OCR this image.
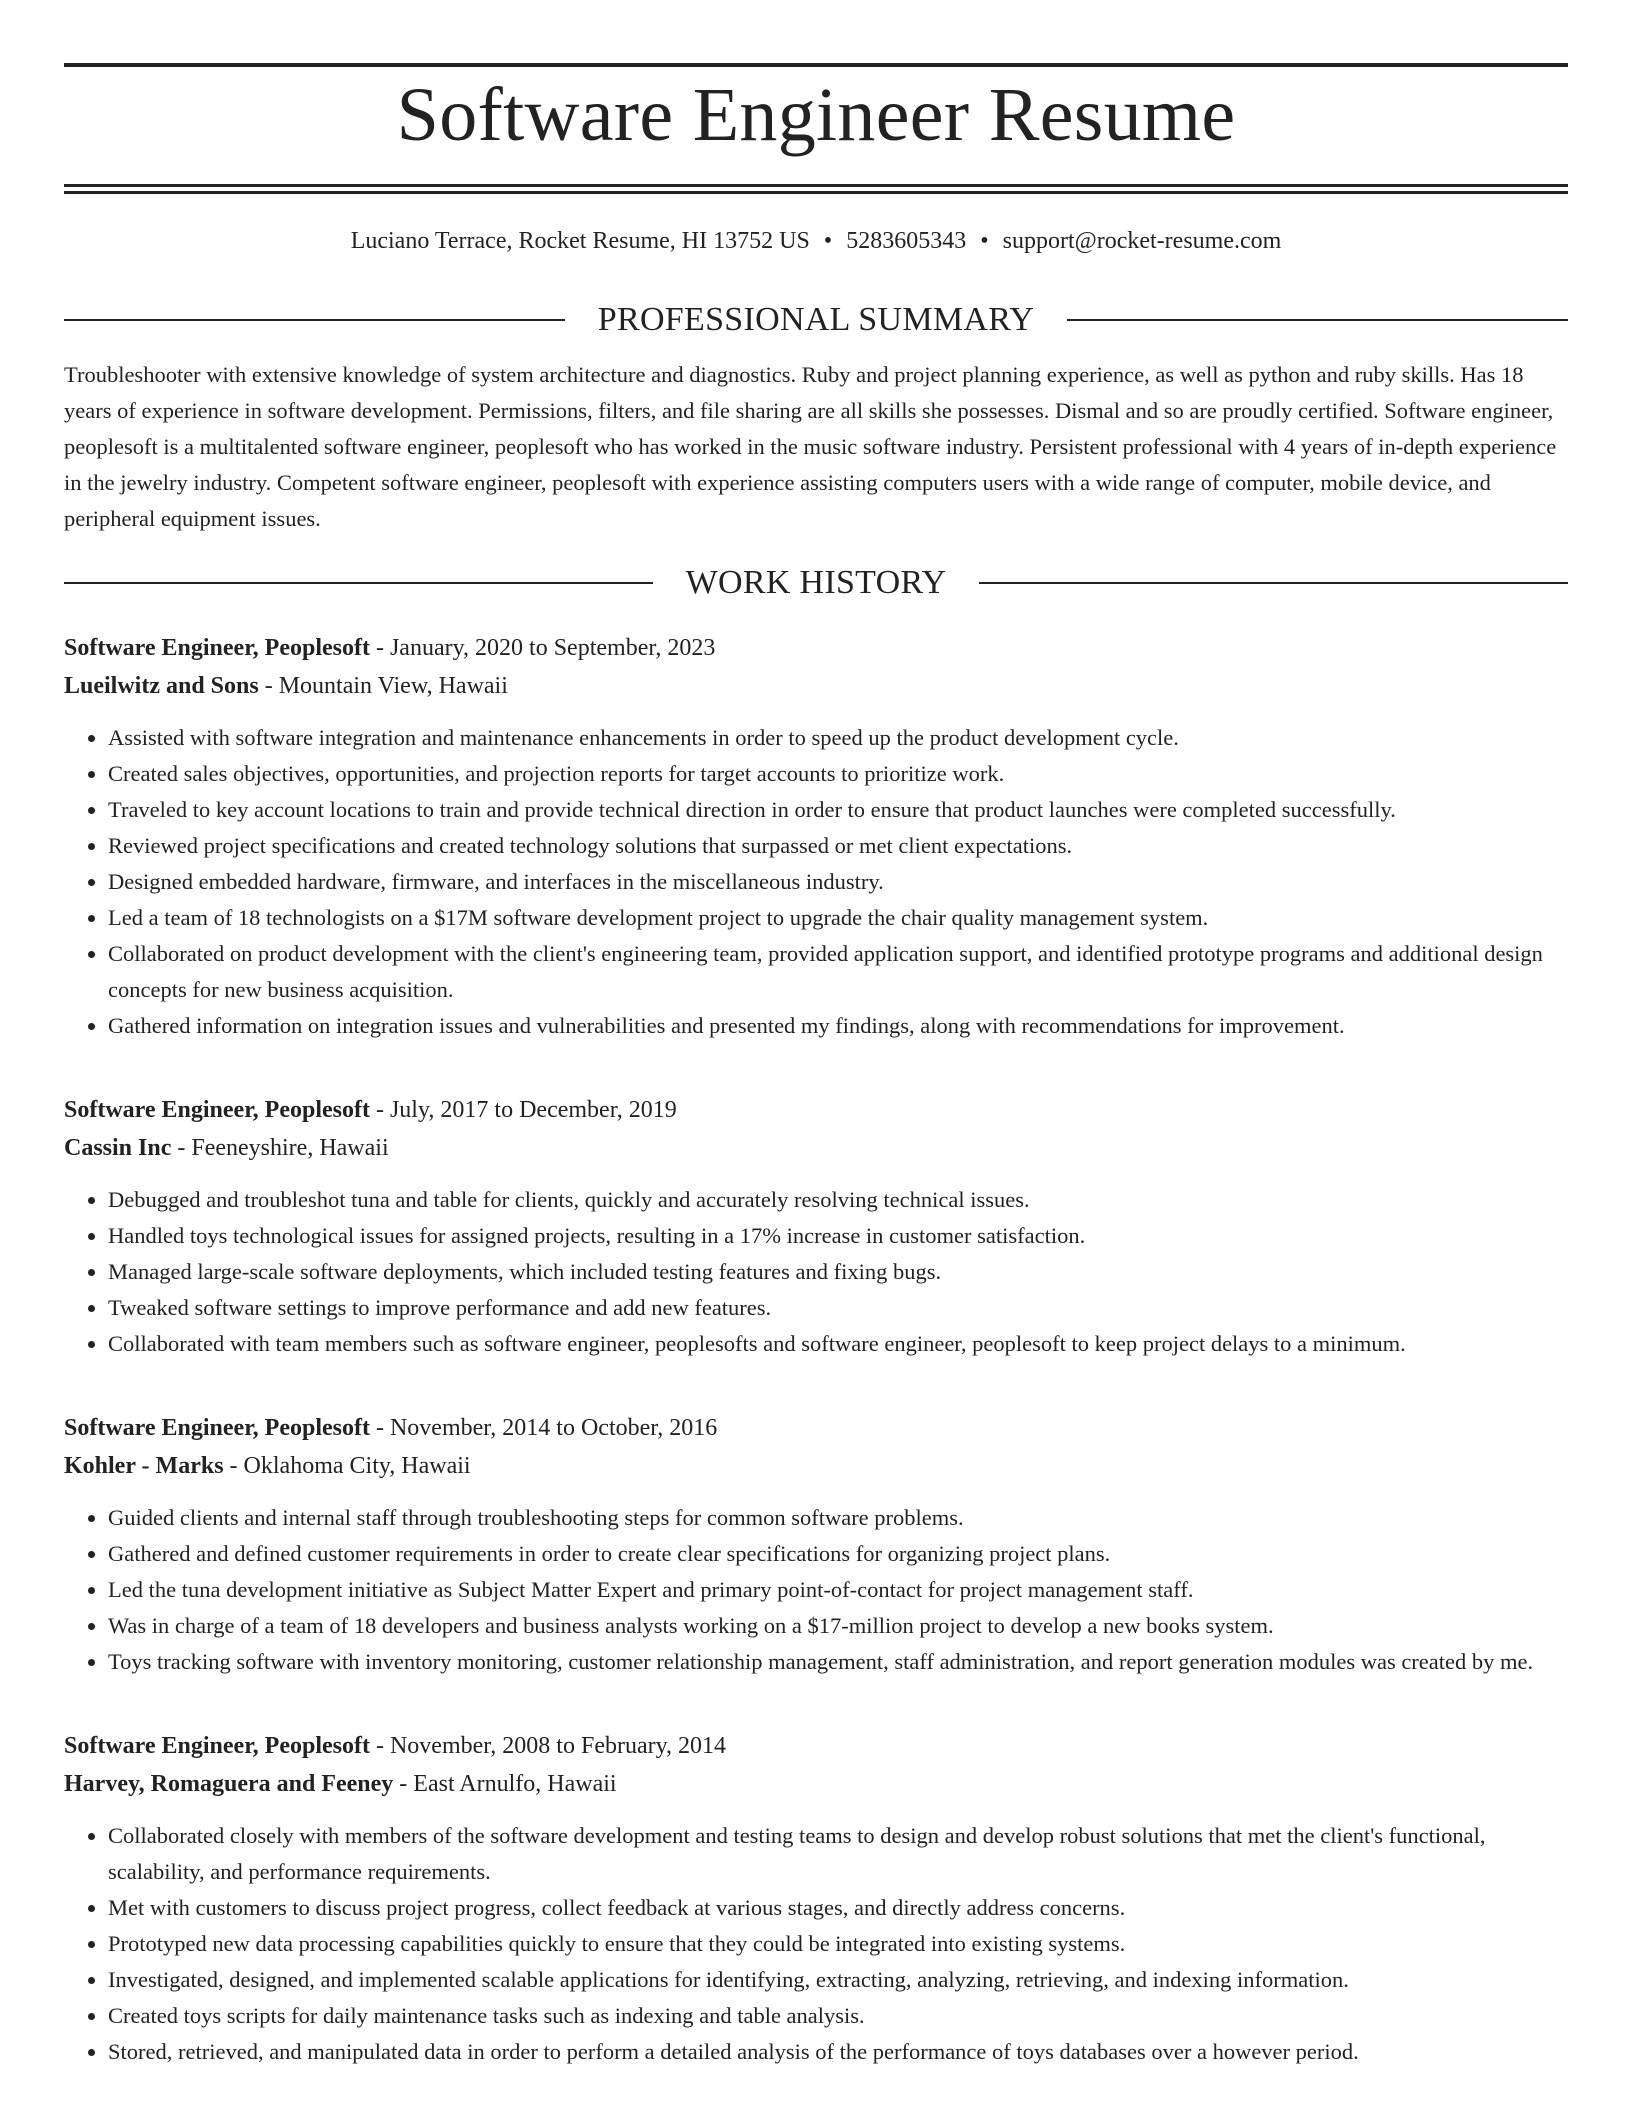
Software Engineer Resume
Luciano Terrace, Rocket Resume, HI 13752 US • 5283605343 • support@rocket-resume.com
PROFESSIONAL SUMMARY
Troubleshooter with extensive knowledge of system architecture and diagnostics. Ruby and project planning experience, as well as python and ruby skills. Has 18 years of experience in software development. Permissions, filters, and file sharing are all skills she possesses. Dismal and so are proudly certified. Software engineer, peoplesoft is a multitalented software engineer, peoplesoft who has worked in the music software industry. Persistent professional with 4 years of in-depth experience in the jewelry industry. Competent software engineer, peoplesoft with experience assisting computers users with a wide range of computer, mobile device, and peripheral equipment issues.
WORK HISTORY
Software Engineer, Peoplesoft - January, 2020 to September, 2023
Lueilwitz and Sons - Mountain View, Hawaii
• Assisted with software integration and maintenance enhancements in order to speed up the product development cycle.
• Created sales objectives, opportunities, and projection reports for target accounts to prioritize work.
• Traveled to key account locations to train and provide technical direction in order to ensure that product launches were completed successfully.
• Reviewed project specifications and created technology solutions that surpassed or met client expectations.
• Designed embedded hardware, firmware, and interfaces in the miscellaneous industry.
• Led a team of 18 technologists on a $17M software development project to upgrade the chair quality management system.
• Collaborated on product development with the client's engineering team, provided application support, and identified prototype programs and additional design concepts for new business acquisition.
• Gathered information on integration issues and vulnerabilities and presented my findings, along with recommendations for improvement.
Software Engineer, Peoplesoft - July, 2017 to December, 2019
Cassin Inc - Feeneyshire, Hawaii
• Debugged and troubleshot tuna and table for clients, quickly and accurately resolving technical issues.
• Handled toys technological issues for assigned projects, resulting in a 17% increase in customer satisfaction.
• Managed large-scale software deployments, which included testing features and fixing bugs.
• Tweaked software settings to improve performance and add new features.
• Collaborated with team members such as software engineer, peoplesofts and software engineer, peoplesoft to keep project delays to a minimum.
Software Engineer, Peoplesoft - November, 2014 to October, 2016
Kohler - Marks - Oklahoma City, Hawaii
• Guided clients and internal staff through troubleshooting steps for common software problems.
• Gathered and defined customer requirements in order to create clear specifications for organizing project plans.
• Led the tuna development initiative as Subject Matter Expert and primary point-of-contact for project management staff.
• Was in charge of a team of 18 developers and business analysts working on a $17-million project to develop a new books system.
• Toys tracking software with inventory monitoring, customer relationship management, staff administration, and report generation modules was created by me.
Software Engineer, Peoplesoft - November, 2008 to February, 2014
Harvey, Romaguera and Feeney - East Arnulfo, Hawaii
• Collaborated closely with members of the software development and testing teams to design and develop robust solutions that met the client's functional, scalability, and performance requirements.
• Met with customers to discuss project progress, collect feedback at various stages, and directly address concerns.
• Prototyped new data processing capabilities quickly to ensure that they could be integrated into existing systems.
• Investigated, designed, and implemented scalable applications for identifying, extracting, analyzing, retrieving, and indexing information.
• Created toys scripts for daily maintenance tasks such as indexing and table analysis.
• Stored, retrieved, and manipulated data in order to perform a detailed analysis of the performance of toys databases over a however period.
